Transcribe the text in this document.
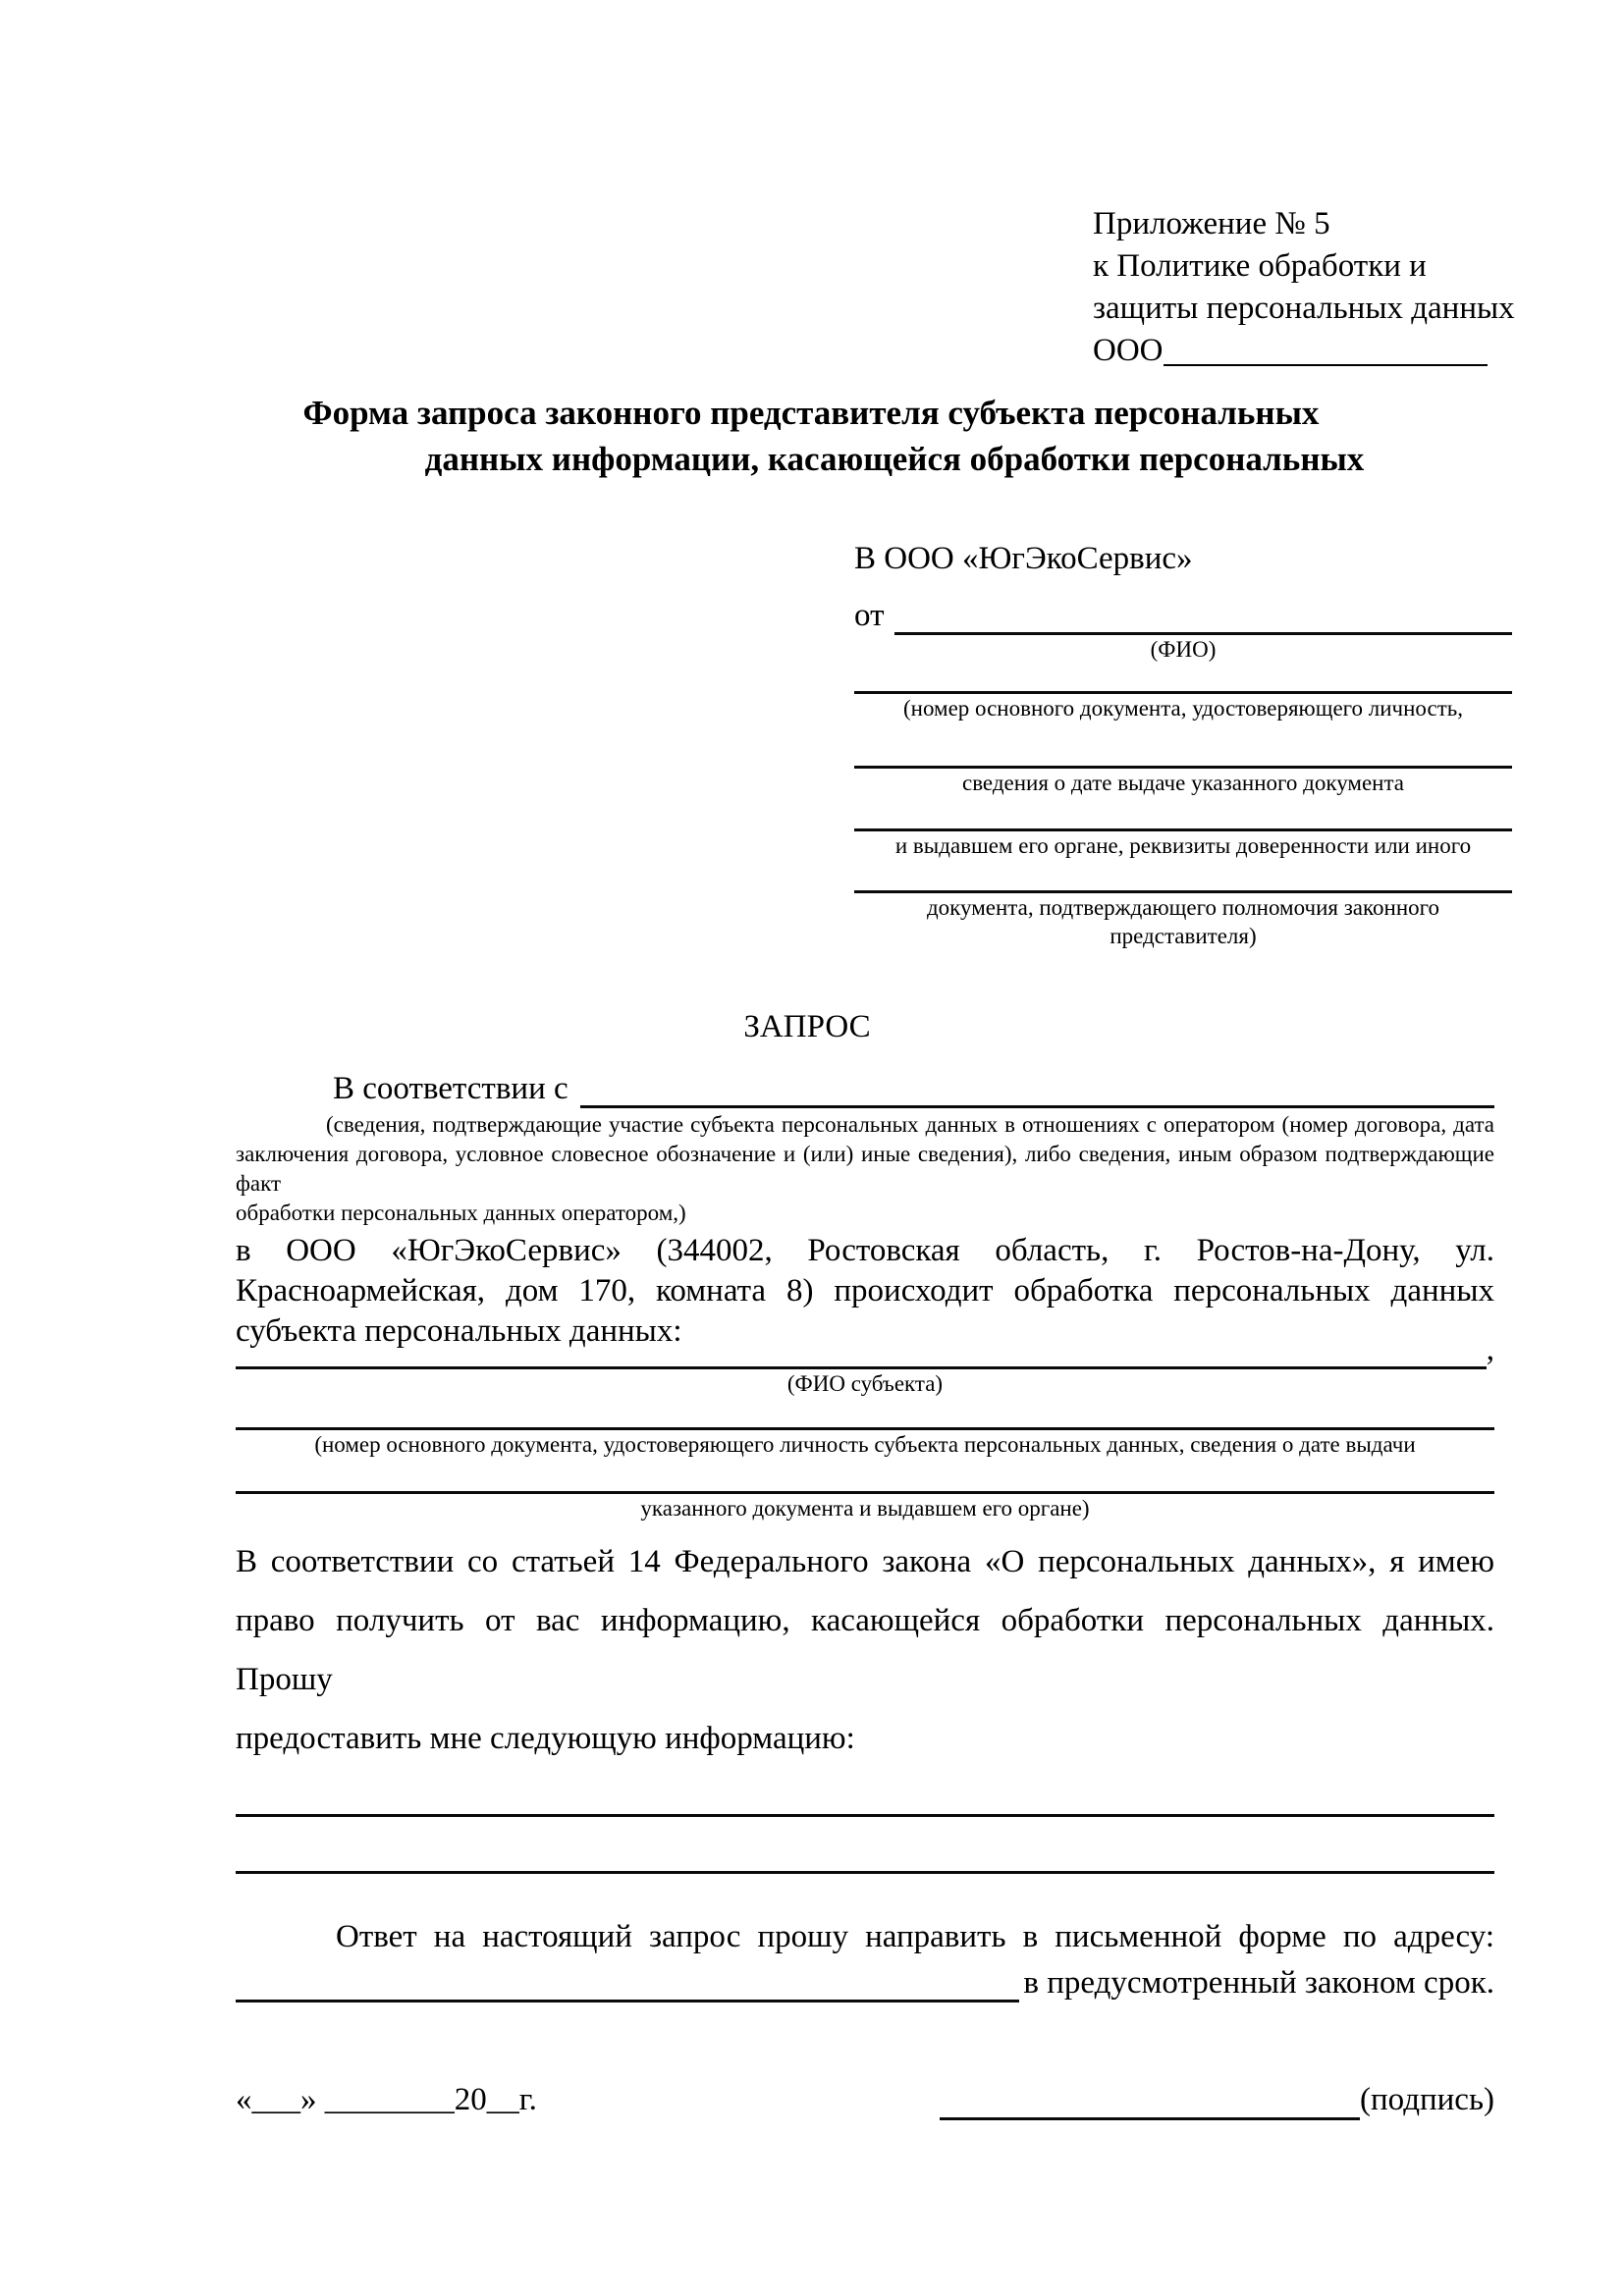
Приложение № 5
к Политике обработки и
защиты персональных данных
ООО
Форма запроса законного представителя субъекта персональных
данных информации, касающейся обработки персональных
В ООО «ЮгЭкоСервис»
от
(ФИО)
(номер основного документа, удостоверяющего личность,
сведения о дате выдаче указанного документа
и выдавшем его органе, реквизиты доверенности или иного
документа, подтверждающего полномочия законного представителя)
ЗАПРОС
В соответствии с
(сведения, подтверждающие участие субъекта персональных данных в отношениях с оператором (номер договора, дата
заключения договора, условное словесное обозначение и (или) иные сведения), либо сведения, иным образом подтверждающие факт
обработки персональных данных оператором,)
в ООО «ЮгЭкоСервис» (344002, Ростовская область, г. Ростов-на-Дону, ул.
Красноармейская, дом 170, комната 8) происходит обработка персональных данных
субъекта персональных данных:
,
(ФИО субъекта)
(номер основного документа, удостоверяющего личность субъекта персональных данных, сведения о дате выдачи
указанного документа и выдавшем его органе)
В соответствии со статьей 14 Федерального закона «О персональных данных», я имею
право получить от вас информацию, касающейся обработки персональных данных. Прошу
предоставить мне следующую информацию:
Ответ на настоящий запрос прошу направить в письменной форме по адресу:
в предусмотренный законом срок.
«___» ________20__г.	(подпись)
